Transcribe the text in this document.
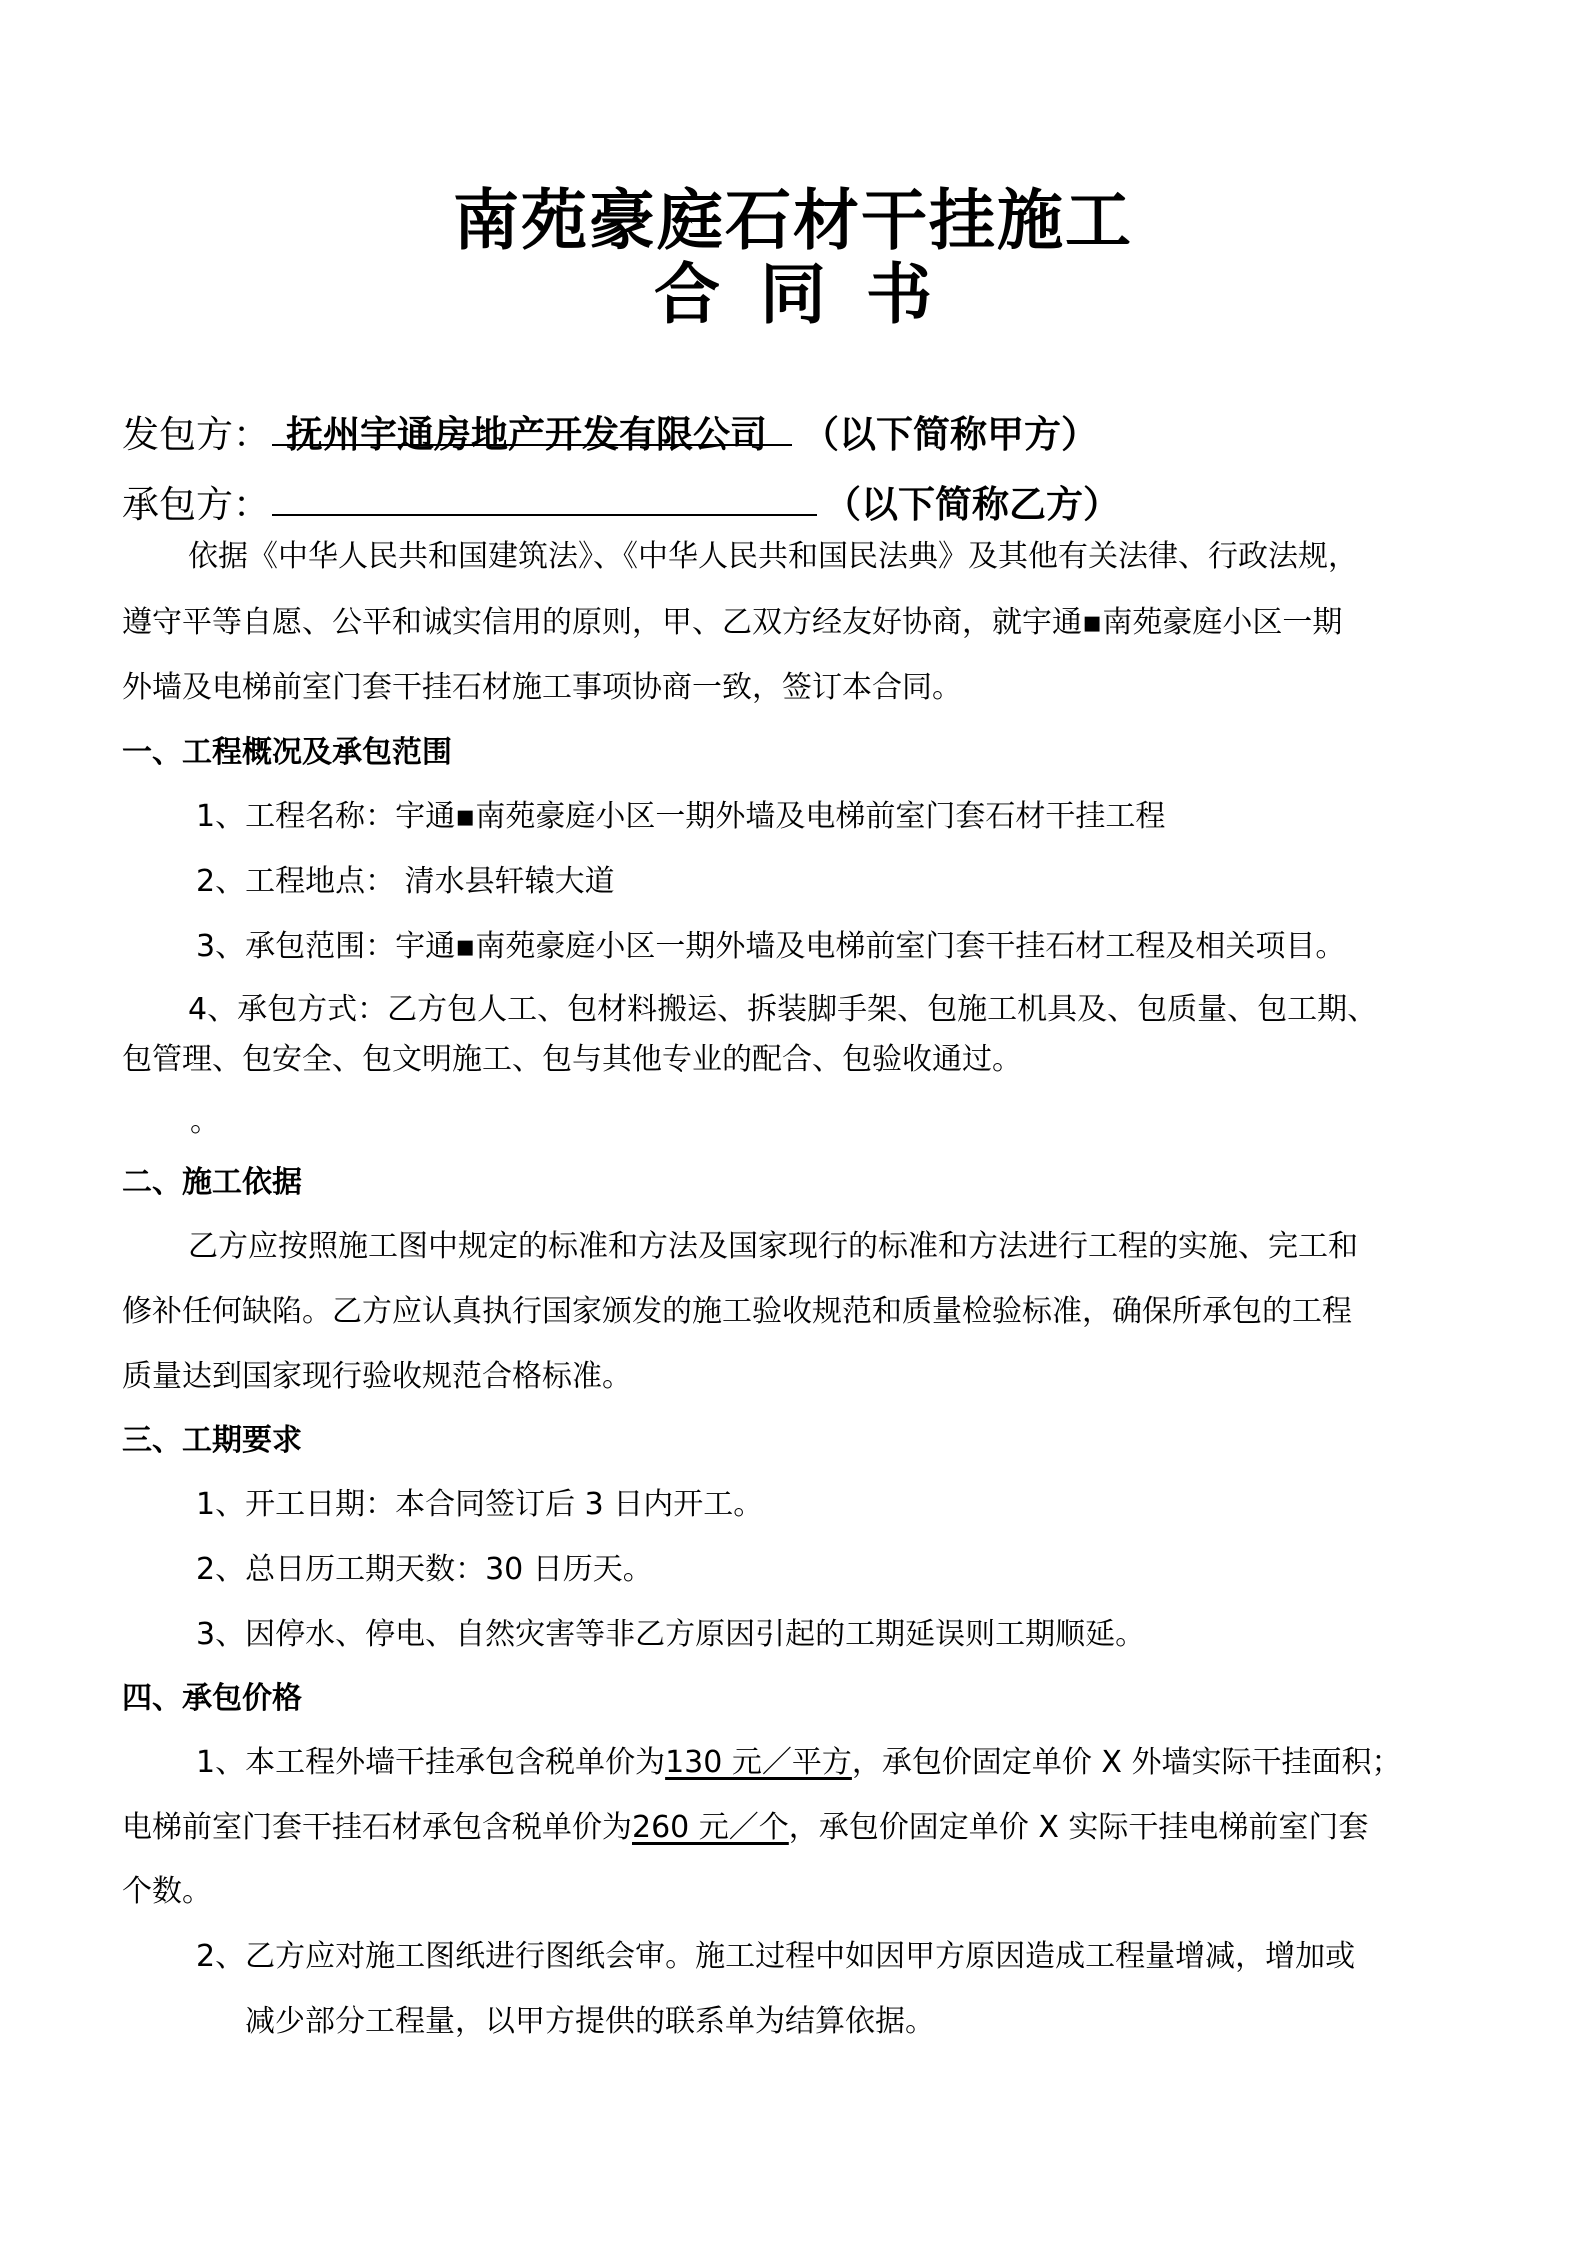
南苑豪庭石材干挂施工
合同书
发包方： 抚州宇通房地产开发有限公司 （以下简称甲方）
承包方：	（以下简称乙方）
依据《中华人民共和国建筑法》、《中华人民共和国民法典》及其他有关法律、行政法规，
遵守平等自愿、公平和诚实信用的原则，甲、乙双方经友好协商，就宇通▪南苑豪庭小区一期
外墙及电梯前室门套干挂石材施工事项协商一致，签订本合同。
一、工程概况及承包范围
1、工程名称：宇通▪南苑豪庭小区一期外墙及电梯前室门套石材干挂工程
2、工程地点： 清水县轩辕大道
3、承包范围：宇通▪南苑豪庭小区一期外墙及电梯前室门套干挂石材工程及相关项目。
4、承包方式：乙方包人工、包材料搬运、拆装脚手架、包施工机具及、包质量、包工期、
包管理、包安全、包文明施工、包与其他专业的配合、包验收通过。
。
二、施工依据
乙方应按照施工图中规定的标准和方法及国家现行的标准和方法进行工程的实施、完工和
修补任何缺陷。乙方应认真执行国家颁发的施工验收规范和质量检验标准，确保所承包的工程
质量达到国家现行验收规范合格标准。
三、工期要求
1、开工日期：本合同签订后 3 日内开工。
2、总日历工期天数：30 日历天。
3、因停水、停电、自然灾害等非乙方原因引起的工期延误则工期顺延。
四、承包价格
1、本工程外墙干挂承包含税单价为130 元／平方，承包价固定单价 X 外墙实际干挂面积；
电梯前室门套干挂石材承包含税单价为260 元／个，承包价固定单价 X 实际干挂电梯前室门套
个数。
2、乙方应对施工图纸进行图纸会审。施工过程中如因甲方原因造成工程量增减，增加或
减少部分工程量，以甲方提供的联系单为结算依据。
